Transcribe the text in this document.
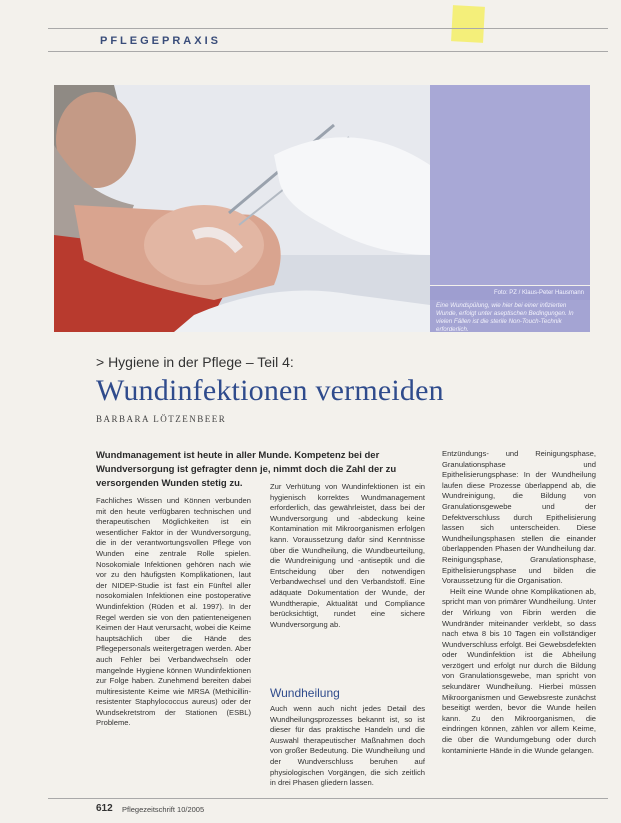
PFLEGEPRAXIS
Foto: PZ / Klaus-Peter Hausmann
Eine Wundspülung, wie hier bei einer infizierten Wunde, erfolgt unter aseptischen Bedingungen. In vielen Fällen ist die sterile Non-Touch-Technik erforderlich.
> Hygiene in der Pflege – Teil 4:
Wundinfektionen vermeiden
BARBARA LÖTZENBEER
Wundmanagement ist heute in aller Munde. Kompetenz bei der Wundversorgung ist gefragter denn je, nimmt doch die Zahl der zu versorgenden Wunden stetig zu.

Fachliches Wissen und Können verbunden mit den heute verfügbaren technischen und therapeutischen Möglichkeiten ist ein wesentlicher Faktor in der Wundversorgung, die in der verantwortungsvollen Pflege von Wunden eine zentrale Rolle spielen. Nosokomiale Infektionen gehören nach wie vor zu den häufigsten Komplikationen, laut der NIDEP-Studie ist fast ein Fünftel aller nosokomialen Infektionen eine postoperative Wundinfektion (Rüden et al. 1997). In der Regel werden sie von den patienteneigenen Keimen der Haut verursacht, wobei die Keime hauptsächlich über die Hände des Pflegepersonals weitergetragen werden. Aber auch Fehler bei Verbandwechseln oder mangelnde Hygiene können Wundinfektionen zur Folge haben. Zunehmend bereiten dabei multiresistente Keime wie MRSA (Methicillin-resistenter Staphylococcus aureus) oder der Wundsekretstrom der Stationen (ESBL) Probleme.

Zur Verhütung von Wundinfektionen ist ein hygienisch korrektes Wundmanagement erforderlich, das gewährleistet, dass bei der Wundversorgung und -abdeckung keine Kontamination mit Mikroorganismen erfolgen kann. Voraussetzung dafür sind Kenntnisse über die Wundheilung, die Wundbeurteilung, die Wundreinigung und -antiseptik und die Entscheidung über den notwendigen Verbandwechsel und den Verbandstoff. Eine adäquate Dokumentation der Wunde, der Wundtherapie, Aktualität und Compliance berücksichtigt, rundet eine sichere Wundversorgung ab.

Wundheilung

Auch wenn auch nicht jedes Detail des Wundheilungsprozesses bekannt ist, so ist dieser für das praktische Handeln und die Auswahl therapeutischer Maßnahmen doch von großer Bedeutung. Die Wundheilung und der Wundverschluss beruhen auf physiologischen Vorgängen, die sich zeitlich in drei Phasen gliedern lassen.

Entzündungs- und Reinigungsphase, Granulationsphase und Epithelisierungsphase: In der Wundheilung laufen diese Prozesse überlappend ab, die Wundreinigung, die Bildung von Granulationsgewebe und der Defektverschluss durch Epithelisierung lassen sich unterscheiden. Diese Wundheilungsphasen stellen die einander überlappenden Phasen der Wundheilung dar. Reinigungsphase, Granulationsphase, Epithelisierungsphase und bilden die Voraussetzung für die Organisation.

Heilt eine Wunde ohne Komplikationen ab, spricht man von primärer Wundheilung. Unter der Wirkung von Fibrin werden die Wundränder miteinander verklebt, so dass nach etwa 8 bis 10 Tagen ein vollständiger Wundverschluss erfolgt. Bei Gewebsdefekten oder Wundinfektion ist die Abheilung verzögert und erfolgt nur durch die Bildung von Granulationsgewebe, man spricht von sekundärer Wundheilung. Hierbei müssen Mikroorganismen und Gewebsreste zunächst beseitigt werden, bevor die Wunde heilen kann. Zu den Mikroorganismen, die eindringen können, zählen vor allem Keime, die über die Wundumgebung oder durch kontaminierte Hände in die Wunde gelangen.

612 Pflegezeitschrift 10/2005
